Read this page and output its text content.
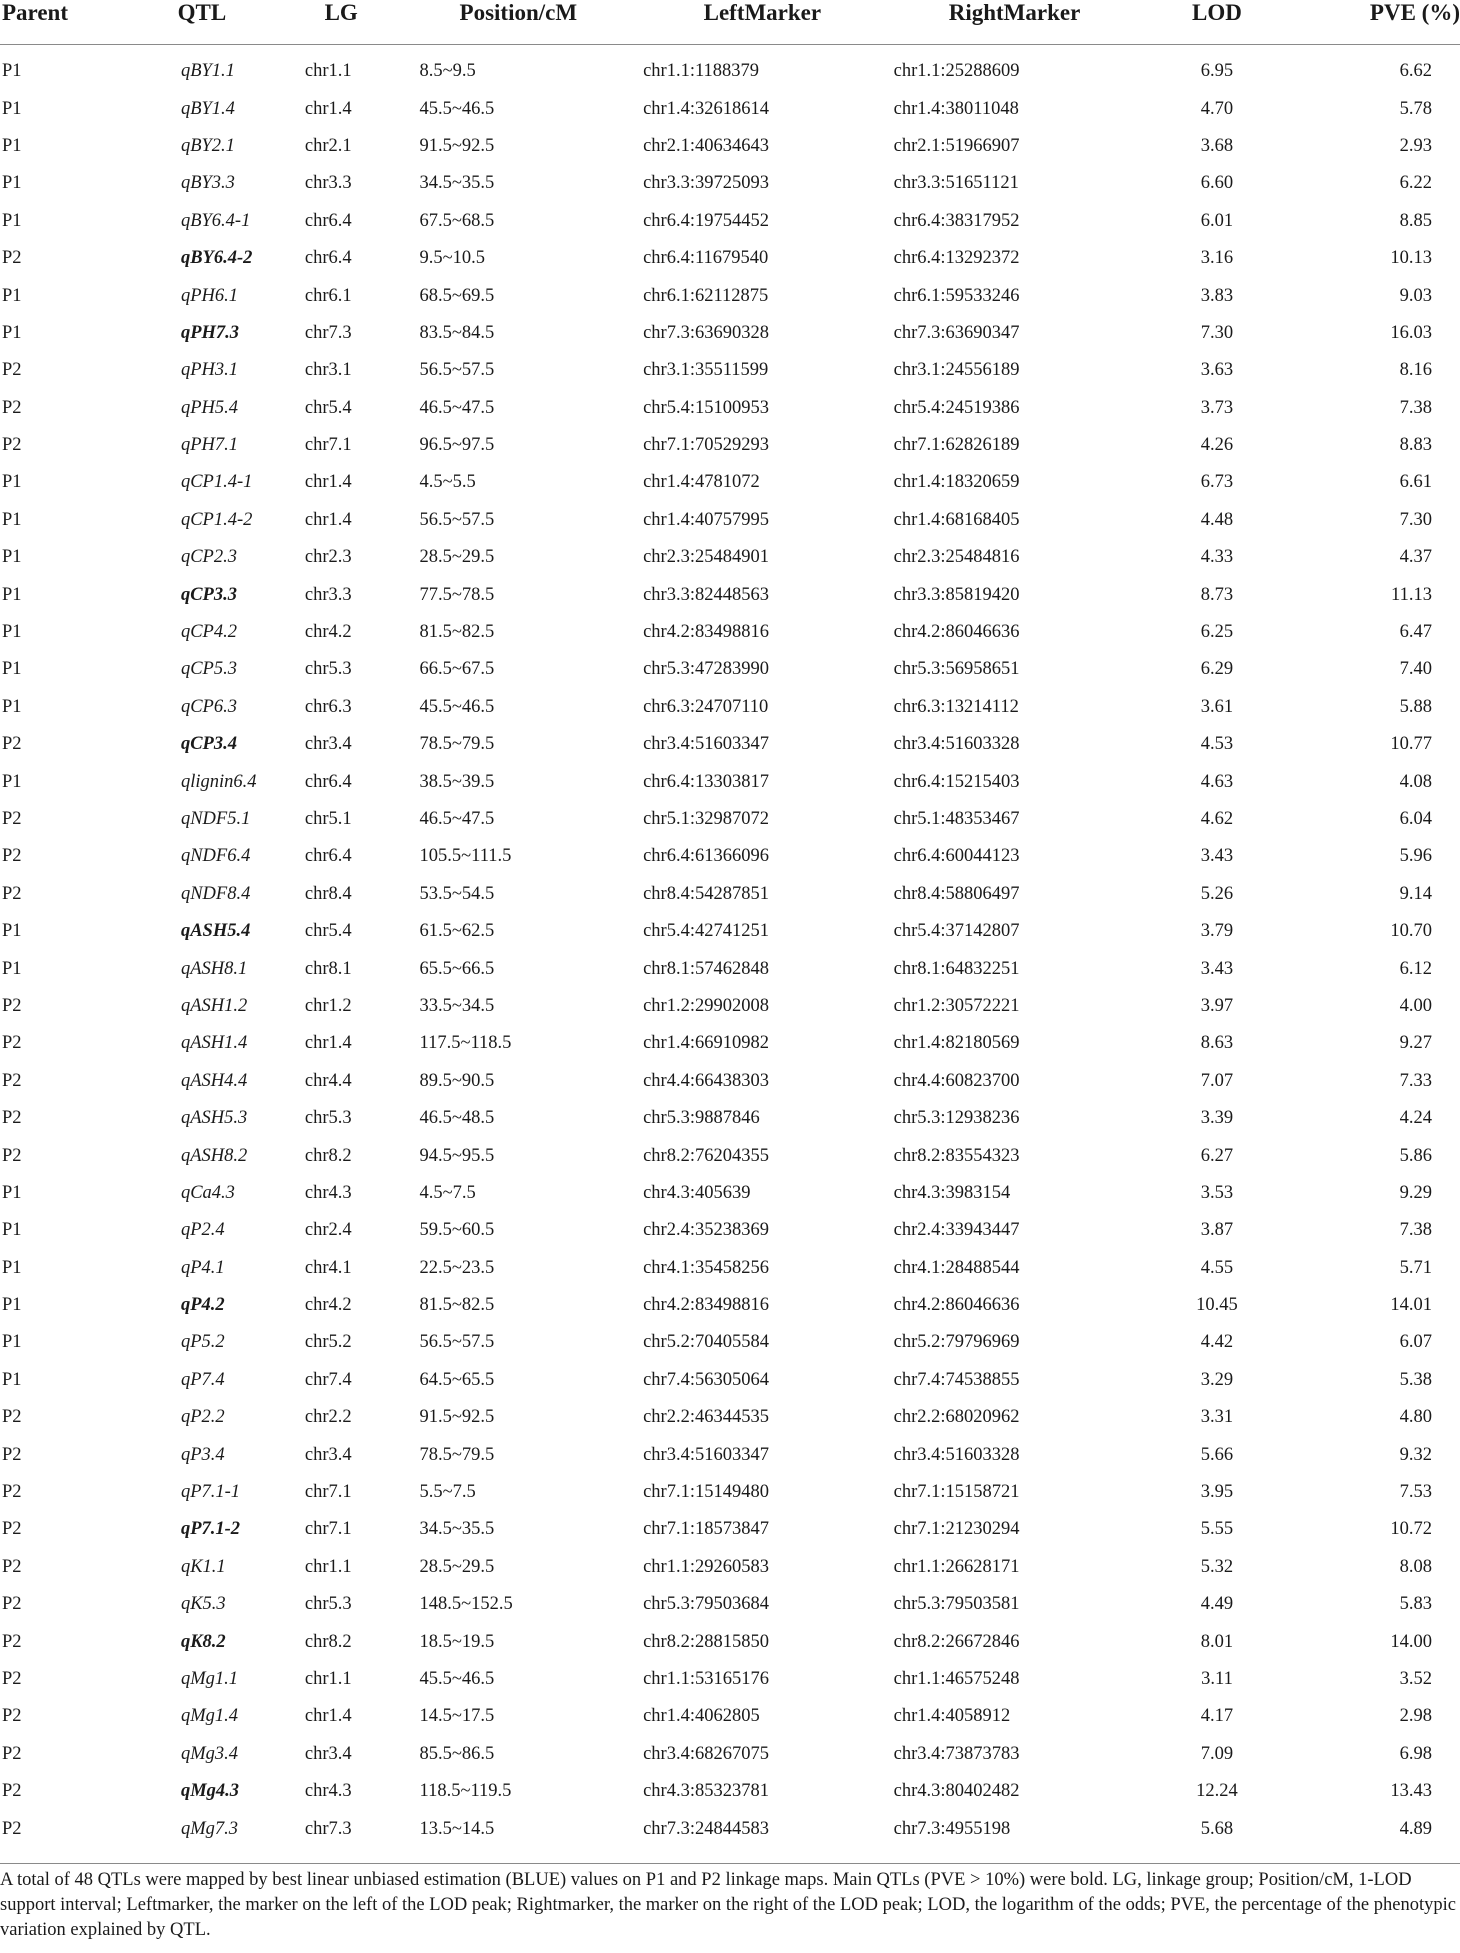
Parent	QTL	LG	Position/cM	LeftMarker	RightMarker	LOD	PVE (%)
P1	qBY1.1	chr1.1	8.5~9.5	chr1.1:1188379	chr1.1:25288609	6.95	6.62
P1	qBY1.4	chr1.4	45.5~46.5	chr1.4:32618614	chr1.4:38011048	4.70	5.78
P1	qBY2.1	chr2.1	91.5~92.5	chr2.1:40634643	chr2.1:51966907	3.68	2.93
P1	qBY3.3	chr3.3	34.5~35.5	chr3.3:39725093	chr3.3:51651121	6.60	6.22
P1	qBY6.4-1	chr6.4	67.5~68.5	chr6.4:19754452	chr6.4:38317952	6.01	8.85
P2	qBY6.4-2	chr6.4	9.5~10.5	chr6.4:11679540	chr6.4:13292372	3.16	10.13
P1	qPH6.1	chr6.1	68.5~69.5	chr6.1:62112875	chr6.1:59533246	3.83	9.03
P1	qPH7.3	chr7.3	83.5~84.5	chr7.3:63690328	chr7.3:63690347	7.30	16.03
P2	qPH3.1	chr3.1	56.5~57.5	chr3.1:35511599	chr3.1:24556189	3.63	8.16
P2	qPH5.4	chr5.4	46.5~47.5	chr5.4:15100953	chr5.4:24519386	3.73	7.38
P2	qPH7.1	chr7.1	96.5~97.5	chr7.1:70529293	chr7.1:62826189	4.26	8.83
P1	qCP1.4-1	chr1.4	4.5~5.5	chr1.4:4781072	chr1.4:18320659	6.73	6.61
P1	qCP1.4-2	chr1.4	56.5~57.5	chr1.4:40757995	chr1.4:68168405	4.48	7.30
P1	qCP2.3	chr2.3	28.5~29.5	chr2.3:25484901	chr2.3:25484816	4.33	4.37
P1	qCP3.3	chr3.3	77.5~78.5	chr3.3:82448563	chr3.3:85819420	8.73	11.13
P1	qCP4.2	chr4.2	81.5~82.5	chr4.2:83498816	chr4.2:86046636	6.25	6.47
P1	qCP5.3	chr5.3	66.5~67.5	chr5.3:47283990	chr5.3:56958651	6.29	7.40
P1	qCP6.3	chr6.3	45.5~46.5	chr6.3:24707110	chr6.3:13214112	3.61	5.88
P2	qCP3.4	chr3.4	78.5~79.5	chr3.4:51603347	chr3.4:51603328	4.53	10.77
P1	qlignin6.4	chr6.4	38.5~39.5	chr6.4:13303817	chr6.4:15215403	4.63	4.08
P2	qNDF5.1	chr5.1	46.5~47.5	chr5.1:32987072	chr5.1:48353467	4.62	6.04
P2	qNDF6.4	chr6.4	105.5~111.5	chr6.4:61366096	chr6.4:60044123	3.43	5.96
P2	qNDF8.4	chr8.4	53.5~54.5	chr8.4:54287851	chr8.4:58806497	5.26	9.14
P1	qASH5.4	chr5.4	61.5~62.5	chr5.4:42741251	chr5.4:37142807	3.79	10.70
P1	qASH8.1	chr8.1	65.5~66.5	chr8.1:57462848	chr8.1:64832251	3.43	6.12
P2	qASH1.2	chr1.2	33.5~34.5	chr1.2:29902008	chr1.2:30572221	3.97	4.00
P2	qASH1.4	chr1.4	117.5~118.5	chr1.4:66910982	chr1.4:82180569	8.63	9.27
P2	qASH4.4	chr4.4	89.5~90.5	chr4.4:66438303	chr4.4:60823700	7.07	7.33
P2	qASH5.3	chr5.3	46.5~48.5	chr5.3:9887846	chr5.3:12938236	3.39	4.24
P2	qASH8.2	chr8.2	94.5~95.5	chr8.2:76204355	chr8.2:83554323	6.27	5.86
P1	qCa4.3	chr4.3	4.5~7.5	chr4.3:405639	chr4.3:3983154	3.53	9.29
P1	qP2.4	chr2.4	59.5~60.5	chr2.4:35238369	chr2.4:33943447	3.87	7.38
P1	qP4.1	chr4.1	22.5~23.5	chr4.1:35458256	chr4.1:28488544	4.55	5.71
P1	qP4.2	chr4.2	81.5~82.5	chr4.2:83498816	chr4.2:86046636	10.45	14.01
P1	qP5.2	chr5.2	56.5~57.5	chr5.2:70405584	chr5.2:79796969	4.42	6.07
P1	qP7.4	chr7.4	64.5~65.5	chr7.4:56305064	chr7.4:74538855	3.29	5.38
P2	qP2.2	chr2.2	91.5~92.5	chr2.2:46344535	chr2.2:68020962	3.31	4.80
P2	qP3.4	chr3.4	78.5~79.5	chr3.4:51603347	chr3.4:51603328	5.66	9.32
P2	qP7.1-1	chr7.1	5.5~7.5	chr7.1:15149480	chr7.1:15158721	3.95	7.53
P2	qP7.1-2	chr7.1	34.5~35.5	chr7.1:18573847	chr7.1:21230294	5.55	10.72
P2	qK1.1	chr1.1	28.5~29.5	chr1.1:29260583	chr1.1:26628171	5.32	8.08
P2	qK5.3	chr5.3	148.5~152.5	chr5.3:79503684	chr5.3:79503581	4.49	5.83
P2	qK8.2	chr8.2	18.5~19.5	chr8.2:28815850	chr8.2:26672846	8.01	14.00
P2	qMg1.1	chr1.1	45.5~46.5	chr1.1:53165176	chr1.1:46575248	3.11	3.52
P2	qMg1.4	chr1.4	14.5~17.5	chr1.4:4062805	chr1.4:4058912	4.17	2.98
P2	qMg3.4	chr3.4	85.5~86.5	chr3.4:68267075	chr3.4:73873783	7.09	6.98
P2	qMg4.3	chr4.3	118.5~119.5	chr4.3:85323781	chr4.3:80402482	12.24	13.43
P2	qMg7.3	chr7.3	13.5~14.5	chr7.3:24844583	chr7.3:4955198	5.68	4.89
A total of 48 QTLs were mapped by best linear unbiased estimation (BLUE) values on P1 and P2 linkage maps. Main QTLs (PVE > 10%) were bold. LG, linkage group; Position/cM, 1-LOD support interval; Leftmarker, the marker on the left of the LOD peak; Rightmarker, the marker on the right of the LOD peak; LOD, the logarithm of the odds; PVE, the percentage of the phenotypic variation explained by QTL.
